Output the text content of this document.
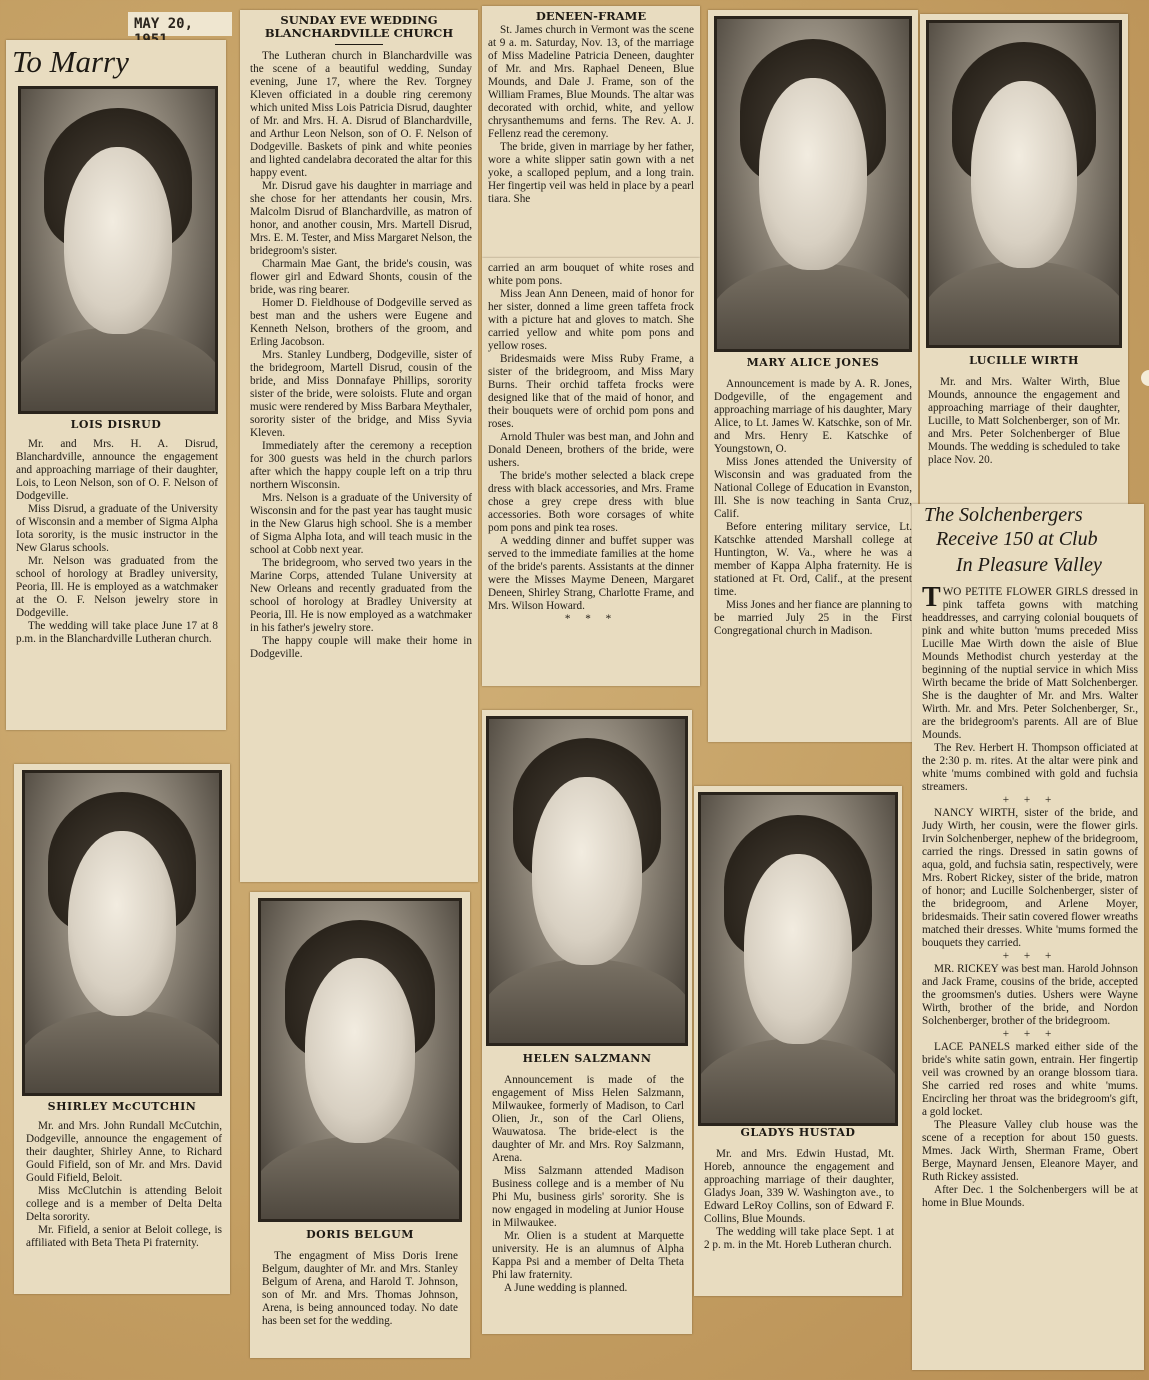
MAY 20,
To Marry
LOIS DISRUD

Mr. and Mrs. H. A. Disrud, Blanchardville, announce the engagement and approaching marriage of their daughter, Lois, to Leon Nelson, son of O. F. Nelson of Dodgeville.

Miss Disrud, a graduate of the University of Wisconsin and a member of Sigma Alpha Iota sorority, is the music instructor in the New Glarus schools.

Mr. Nelson was graduated from the school of horology at Bradley university, Peoria, Ill. He is employed as a watchmaker at the O. F. Nelson jewelry store in Dodgeville.

The wedding will take place June 17 at 8 p.m. in the Blanchardville Lutheran church.

SUNDAY EVE WEDDING
BLANCHARDVILLE CHURCH

The Lutheran church in Blanchardville was the scene of a beautiful wedding, Sunday evening, June 17, where the Rev. Torgney Kleven officiated in a double ring ceremony which united Miss Lois Patricia Disrud, daughter of Mr. and Mrs. H. A. Disrud of Blanchardville, and Arthur Leon Nelson, son of O. F. Nelson of Dodgeville. Baskets of pink and white peonies and lighted candelabra decorated the altar for this happy event.

Mr. Disrud gave his daughter in marriage and she chose for her attendants her cousin, Mrs. Malcolm Disrud of Blanchardville, as matron of honor, and another cousin, Mrs. Martell Disrud, Mrs. E. M. Tester, and Miss Margaret Nelson, the bridegroom's sister.

Charmain Mae Gant, the bride's cousin, was flower girl and Edward Shonts, cousin of the bride, was ring bearer.

Homer D. Fieldhouse of Dodgeville served as best man and the ushers were Eugene and Kenneth Nelson, brothers of the groom, and Erling Jacobson.

Mrs. Stanley Lundberg, Dodgeville, sister of the bridegroom, Martell Disrud, cousin of the bride, and Miss Donnafaye Phillips, sorority sister of the bride, were soloists. Flute and organ music were rendered by Miss Barbara Meythaler, sorority sister of the bridge, and Miss Syvia Kleven.

Immediately after the ceremony a reception for 300 guests was held in the church parlors after which the happy couple left on a trip thru northern Wisconsin.

Mrs. Nelson is a graduate of the University of Wisconsin and for the past year has taught music in the New Glarus high school. She is a member of Sigma Alpha Iota, and will teach music in the school at Cobb next year.

The bridegroom, who served two years in the Marine Corps, attended Tulane University at New Orleans and recently graduated from the school of horology at Bradley University at Peoria, Ill. He is now employed as a watchmaker in his father's jewelry store.

The happy couple will make their home in Dodgeville.

DENEEN-FRAME

St. James church in Vermont was the scene at 9 a. m. Saturday, Nov. 13, of the marriage of Miss Madeline Patricia Deneen, daughter of Mr. and Mrs. Raphael Deneen, Blue Mounds, and Dale J. Frame, son of the William Frames, Blue Mounds. The altar was decorated with orchid, white, and yellow chrysanthemums and ferns. The Rev. A. J. Fellenz read the ceremony.

The bride, given in marriage by her father, wore a white slipper satin gown with a net yoke, a scalloped peplum, and a long train. Her fingertip veil was held in place by a pearl tiara. She

carried an arm bouquet of white roses and white pom pons.

Miss Jean Ann Deneen, maid of honor for her sister, donned a lime green taffeta frock with a picture hat and gloves to match. She carried yellow and white pom pons and yellow roses.

Bridesmaids were Miss Ruby Frame, a sister of the bridegroom, and Miss Mary Burns. Their orchid taffeta frocks were designed like that of the maid of honor, and their bouquets were of orchid pom pons and roses.

Arnold Thuler was best man, and John and Donald Deneen, brothers of the bride, were ushers.

The bride's mother selected a black crepe dress with black accessories, and Mrs. Frame chose a grey crepe dress with blue accessories. Both wore corsages of white pom pons and pink tea roses.

A wedding dinner and buffet supper was served to the immediate families at the home of the bride's parents. Assistants at the dinner were the Misses Mayme Deneen, Margaret Deneen, Shirley Strang, Charlotte Frame, and Mrs. Wilson Howard.

* * *

MARY ALICE JONES

Announcement is made by A. R. Jones, Dodgeville, of the engagement and approaching marriage of his daughter, Mary Alice, to Lt. James W. Katschke, son of Mr. and Mrs. Henry E. Katschke of Youngstown, O.

Miss Jones attended the University of Wisconsin and was graduated from the National College of Education in Evanston, Ill. She is now teaching in Santa Cruz, Calif.

Before entering military service, Lt. Katschke attended Marshall college at Huntington, W. Va., where he was a member of Kappa Alpha fraternity. He is stationed at Ft. Ord, Calif., at the present time.

Miss Jones and her fiance are planning to be married July 25 in the First Congregational church in Madison.

LUCILLE WIRTH

Mr. and Mrs. Walter Wirth, Blue Mounds, announce the engagement and approaching marriage of their daughter, Lucille, to Matt Solchenberger, son of Mr. and Mrs. Peter Solchenberger of Blue Mounds. The wedding is scheduled to take place Nov. 20.

The Solchenbergers
Receive 150 at Club
In Pleasure Valley
T WO PETITE FLOWER GIRLS dressed in pink taffeta gowns with matching headdresses, and carrying colonial bouquets of pink and white button 'mums preceded Miss Lucille Mae Wirth down the aisle of Blue Mounds Methodist church yesterday at the beginning of the nuptial service in which Miss Wirth became the bride of Matt Solchenberger. She is the daughter of Mr. and Mrs. Walter Wirth. Mr. and Mrs. Peter Solchenberger, Sr., are the bridegroom's parents. All are of Blue Mounds.

The Rev. Herbert H. Thompson officiated at the 2:30 p. m. rites. At the altar were pink and white 'mums combined with gold and fuchsia streamers.

+ + +

NANCY WIRTH, sister of the bride, and Judy Wirth, her cousin, were the flower girls. Irvin Solchenberger, nephew of the bridegroom, carried the rings. Dressed in satin gowns of aqua, gold, and fuchsia satin, respectively, were Mrs. Robert Rickey, sister of the bride, matron of honor; and Lucille Solchenberger, sister of the bridegroom, and Arlene Moyer, bridesmaids. Their satin covered flower wreaths matched their dresses. White 'mums formed the bouquets they carried.

+ + +

MR. RICKEY was best man. Harold Johnson and Jack Frame, cousins of the bride, accepted the groomsmen's duties. Ushers were Wayne Wirth, brother of the bride, and Nordon Solchenberger, brother of the bridegroom.

+ + +

LACE PANELS marked either side of the bride's white satin gown, entrain. Her fingertip veil was crowned by an orange blossom tiara. She carried red roses and white 'mums. Encircling her throat was the bridegroom's gift, a gold locket.

The Pleasure Valley club house was the scene of a reception for about 150 guests. Mmes. Jack Wirth, Sherman Frame, Obert Berge, Maynard Jensen, Eleanore Mayer, and Ruth Rickey assisted.

After Dec. 1 the Solchenbergers will be at home in Blue Mounds.

SHIRLEY McCUTCHIN

Mr. and Mrs. John Rundall McCutchin, Dodgeville, announce the engagement of their daughter, Shirley Anne, to Richard Gould Fifield, son of Mr. and Mrs. David Gould Fifield, Beloit.

Miss McClutchin is attending Beloit college and is a member of Delta Delta Delta sorority.

Mr. Fifield, a senior at Beloit college, is affiliated with Beta Theta Pi fraternity.

DORIS BELGUM

The engagment of Miss Doris Irene Belgum, daughter of Mr. and Mrs. Stanley Belgum of Arena, and Harold T. Johnson, son of Mr. and Mrs. Thomas Johnson, Arena, is being announced today. No date has been set for the wedding.

HELEN SALZMANN

Announcement is made of the engagement of Miss Helen Salzmann, Milwaukee, formerly of Madison, to Carl Olien, Jr., son of the Carl Oliens, Wauwatosa. The bride-elect is the daughter of Mr. and Mrs. Roy Salzmann, Arena.

Miss Salzmann attended Madison Business college and is a member of Nu Phi Mu, business girls' sorority. She is now engaged in modeling at Junior House in Milwaukee.

Mr. Olien is a student at Marquette university. He is an alumnus of Alpha Kappa Psi and a member of Delta Theta Phi law fraternity.

A June wedding is planned.

GLADYS HUSTAD

Mr. and Mrs. Edwin Hustad, Mt. Horeb, announce the engagement and approaching marriage of their daughter, Gladys Joan, 339 W. Washington ave., to Edward LeRoy Collins, son of Edward F. Collins, Blue Mounds.

The wedding will take place Sept. 1 at 2 p. m. in the Mt. Horeb Lutheran church.
